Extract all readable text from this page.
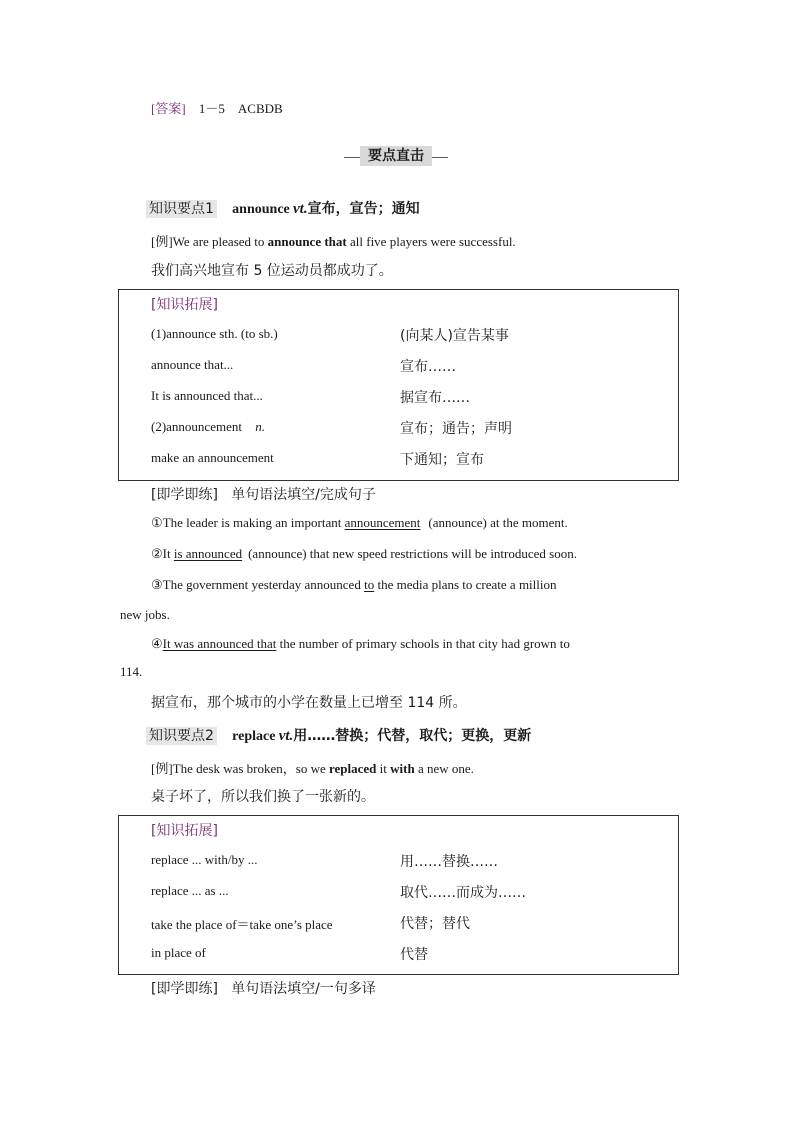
[答案] 1－5　ACBDB
要点直击
知识要点1 announce vt.宣布，宣告；通知
[例]We are pleased to announce that all five players were successful.
我们高兴地宣布 5 位运动员都成功了。
[知识拓展]
(1)announce sth. (to sb.)	(向某人)宣告某事
announce that...	宣布……
It is announced that...	据宣布……
(2)announcement n.	宣布；通告；声明
make an announcement	下通知；宣布
[即学即练] 单句语法填空/完成句子
①The leader is making an important announcement (announce) at the moment.
②It is announced (announce) that new speed restrictions will be introduced soon.
③The government yesterday announced to the media plans to create a million
new jobs.
④It was announced that the number of primary schools in that city had grown to
114.
据宣布，那个城市的小学在数量上已增至 114 所。
知识要点2 replace vt.用……替换；代替，取代；更换，更新
[例]The desk was broken，so we replaced it with a new one.
桌子坏了，所以我们换了一张新的。
[知识拓展]
replace ... with/by ...	用……替换……
replace ... as ...	取代……而成为……
take the place of＝take one’s place	代替；替代
in place of	代替
[即学即练] 单句语法填空/一句多译
